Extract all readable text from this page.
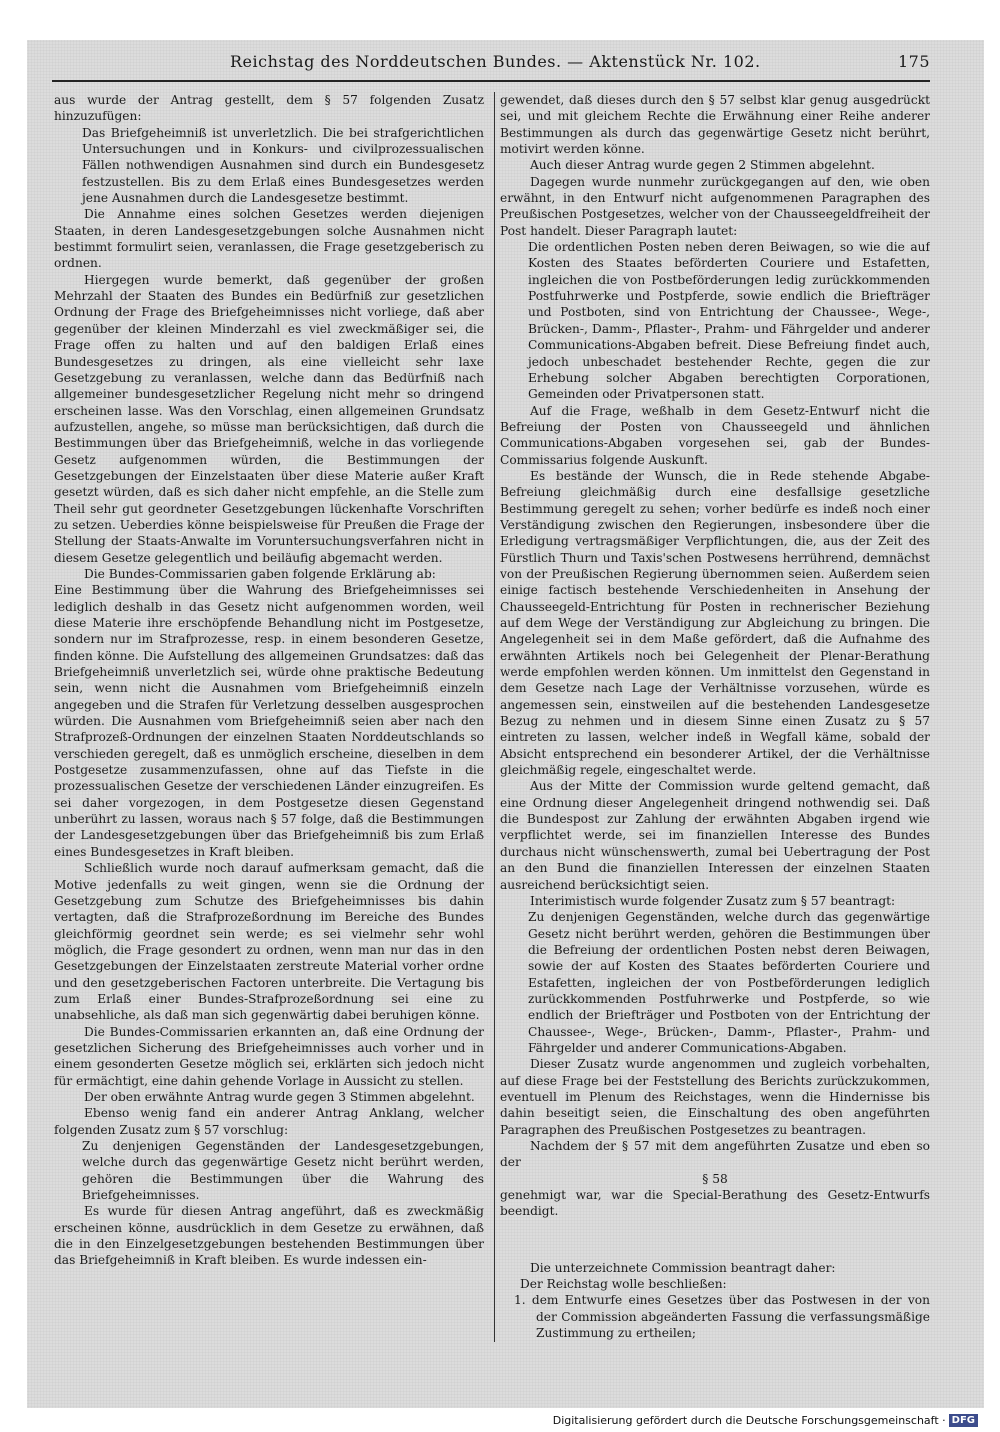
Reichstag des Norddeutschen Bundes. — Aktenstück Nr. 102.	175

aus wurde der Antrag gestellt, dem § 57 folgenden Zusatz hinzuzufügen:

Das Briefgeheimniß ist unverletzlich. Die bei strafgerichtlichen Untersuchungen und in Konkurs- und civilprozessualischen Fällen nothwendigen Ausnahmen sind durch ein Bundesgesetz festzustellen. Bis zu dem Erlaß eines Bundesgesetzes werden jene Ausnahmen durch die Landesgesetze bestimmt.

Die Annahme eines solchen Gesetzes werden diejenigen Staaten, in deren Landesgesetzgebungen solche Ausnahmen nicht bestimmt formulirt seien, veranlassen, die Frage gesetzgeberisch zu ordnen.

Hiergegen wurde bemerkt, daß gegenüber der großen Mehrzahl der Staaten des Bundes ein Bedürfniß zur gesetzlichen Ordnung der Frage des Briefgeheimnisses nicht vorliege, daß aber gegenüber der kleinen Minderzahl es viel zweckmäßiger sei, die Frage offen zu halten und auf den baldigen Erlaß eines Bundesgesetzes zu dringen, als eine vielleicht sehr laxe Gesetzgebung zu veranlassen, welche dann das Bedürfniß nach allgemeiner bundesgesetzlicher Regelung nicht mehr so dringend erscheinen lasse. Was den Vorschlag, einen allgemeinen Grundsatz aufzustellen, angehe, so müsse man berücksichtigen, daß durch die Bestimmungen über das Briefgeheimniß, welche in das vorliegende Gesetz aufgenommen würden, die Bestimmungen der Gesetzgebungen der Einzelstaaten über diese Materie außer Kraft gesetzt würden, daß es sich daher nicht empfehle, an die Stelle zum Theil sehr gut geordneter Gesetzgebungen lückenhafte Vorschriften zu setzen. Ueberdies könne beispielsweise für Preußen die Frage der Stellung der Staats-Anwalte im Voruntersuchungsverfahren nicht in diesem Gesetze gelegentlich und beiläufig abgemacht werden.

Die Bundes-Commissarien gaben folgende Erklärung ab:

Eine Bestimmung über die Wahrung des Briefgeheimnisses sei lediglich deshalb in das Gesetz nicht aufgenommen worden, weil diese Materie ihre erschöpfende Behandlung nicht im Postgesetze, sondern nur im Strafprozesse, resp. in einem besonderen Gesetze, finden könne. Die Aufstellung des allgemeinen Grundsatzes: daß das Briefgeheimniß unverletzlich sei, würde ohne praktische Bedeutung sein, wenn nicht die Ausnahmen vom Briefgeheimniß einzeln angegeben und die Strafen für Verletzung desselben ausgesprochen würden. Die Ausnahmen vom Briefgeheimniß seien aber nach den Strafprozeß-Ordnungen der einzelnen Staaten Norddeutschlands so verschieden geregelt, daß es unmöglich erscheine, dieselben in dem Postgesetze zusammenzufassen, ohne auf das Tiefste in die prozessualischen Gesetze der verschiedenen Länder einzugreifen. Es sei daher vorgezogen, in dem Postgesetze diesen Gegenstand unberührt zu lassen, woraus nach § 57 folge, daß die Bestimmungen der Landesgesetzgebungen über das Briefgeheimniß bis zum Erlaß eines Bundesgesetzes in Kraft bleiben.

Schließlich wurde noch darauf aufmerksam gemacht, daß die Motive jedenfalls zu weit gingen, wenn sie die Ordnung der Gesetzgebung zum Schutze des Briefgeheimnisses bis dahin vertagten, daß die Strafprozeßordnung im Bereiche des Bundes gleichförmig geordnet sein werde; es sei vielmehr sehr wohl möglich, die Frage gesondert zu ordnen, wenn man nur das in den Gesetzgebungen der Einzelstaaten zerstreute Material vorher ordne und den gesetzgeberischen Factoren unterbreite. Die Vertagung bis zum Erlaß einer Bundes-Strafprozeßordnung sei eine zu unabsehliche, als daß man sich gegenwärtig dabei beruhigen könne.

Die Bundes-Commissarien erkannten an, daß eine Ordnung der gesetzlichen Sicherung des Briefgeheimnisses auch vorher und in einem gesonderten Gesetze möglich sei, erklärten sich jedoch nicht für ermächtigt, eine dahin gehende Vorlage in Aussicht zu stellen.

Der oben erwähnte Antrag wurde gegen 3 Stimmen abgelehnt.

Ebenso wenig fand ein anderer Antrag Anklang, welcher folgenden Zusatz zum § 57 vorschlug:

Zu denjenigen Gegenständen der Landesgesetzgebungen, welche durch das gegenwärtige Gesetz nicht berührt werden, gehören die Bestimmungen über die Wahrung des Briefgeheimnisses.

Es wurde für diesen Antrag angeführt, daß es zweckmäßig erscheinen könne, ausdrücklich in dem Gesetze zu erwähnen, daß die in den Einzelgesetzgebungen bestehenden Bestimmungen über das Briefgeheimniß in Kraft bleiben. Es wurde indessen ein-

gewendet, daß dieses durch den § 57 selbst klar genug ausgedrückt sei, und mit gleichem Rechte die Erwähnung einer Reihe anderer Bestimmungen als durch das gegenwärtige Gesetz nicht berührt, motivirt werden könne.

Auch dieser Antrag wurde gegen 2 Stimmen abgelehnt.

Dagegen wurde nunmehr zurückgegangen auf den, wie oben erwähnt, in den Entwurf nicht aufgenommenen Paragraphen des Preußischen Postgesetzes, welcher von der Chausseegeldfreiheit der Post handelt. Dieser Paragraph lautet:

Die ordentlichen Posten neben deren Beiwagen, so wie die auf Kosten des Staates beförderten Couriere und Estafetten, ingleichen die von Postbeförderungen ledig zurückkommenden Postfuhrwerke und Postpferde, sowie endlich die Briefträger und Postboten, sind von Entrichtung der Chaussee-, Wege-, Brücken-, Damm-, Pflaster-, Prahm- und Fährgelder und anderer Communications-Abgaben befreit. Diese Befreiung findet auch, jedoch unbeschadet bestehender Rechte, gegen die zur Erhebung solcher Abgaben berechtigten Corporationen, Gemeinden oder Privatpersonen statt.

Auf die Frage, weßhalb in dem Gesetz-Entwurf nicht die Befreiung der Posten von Chausseegeld und ähnlichen Communications-Abgaben vorgesehen sei, gab der Bundes-Commissarius folgende Auskunft.

Es bestände der Wunsch, die in Rede stehende Abgabe-Befreiung gleichmäßig durch eine desfallsige gesetzliche Bestimmung geregelt zu sehen; vorher bedürfe es indeß noch einer Verständigung zwischen den Regierungen, insbesondere über die Erledigung vertragsmäßiger Verpflichtungen, die, aus der Zeit des Fürstlich Thurn und Taxis'schen Postwesens herrührend, demnächst von der Preußischen Regierung übernommen seien. Außerdem seien einige factisch bestehende Verschiedenheiten in Ansehung der Chausseegeld-Entrichtung für Posten in rechnerischer Beziehung auf dem Wege der Verständigung zur Abgleichung zu bringen. Die Angelegenheit sei in dem Maße gefördert, daß die Aufnahme des erwähnten Artikels noch bei Gelegenheit der Plenar-Berathung werde empfohlen werden können. Um inmittelst den Gegenstand in dem Gesetze nach Lage der Verhältnisse vorzusehen, würde es angemessen sein, einstweilen auf die bestehenden Landesgesetze Bezug zu nehmen und in diesem Sinne einen Zusatz zu § 57 eintreten zu lassen, welcher indeß in Wegfall käme, sobald der Absicht entsprechend ein besonderer Artikel, der die Verhältnisse gleichmäßig regele, eingeschaltet werde.

Aus der Mitte der Commission wurde geltend gemacht, daß eine Ordnung dieser Angelegenheit dringend nothwendig sei. Daß die Bundespost zur Zahlung der erwähnten Abgaben irgend wie verpflichtet werde, sei im finanziellen Interesse des Bundes durchaus nicht wünschenswerth, zumal bei Uebertragung der Post an den Bund die finanziellen Interessen der einzelnen Staaten ausreichend berücksichtigt seien.

Interimistisch wurde folgender Zusatz zum § 57 beantragt:

Zu denjenigen Gegenständen, welche durch das gegenwärtige Gesetz nicht berührt werden, gehören die Bestimmungen über die Befreiung der ordentlichen Posten nebst deren Beiwagen, sowie der auf Kosten des Staates beförderten Couriere und Estafetten, ingleichen der von Postbeförderungen lediglich zurückkommenden Postfuhrwerke und Postpferde, so wie endlich der Briefträger und Postboten von der Entrichtung der Chaussee-, Wege-, Brücken-, Damm-, Pflaster-, Prahm- und Fährgelder und anderer Communications-Abgaben.

Dieser Zusatz wurde angenommen und zugleich vorbehalten, auf diese Frage bei der Feststellung des Berichts zurückzukommen, eventuell im Plenum des Reichstages, wenn die Hindernisse bis dahin beseitigt seien, die Einschaltung des oben angeführten Paragraphen des Preußischen Postgesetzes zu beantragen.

Nachdem der § 57 mit dem angeführten Zusatze und eben so der

§ 58

genehmigt war, war die Special-Berathung des Gesetz-Entwurfs beendigt.

Die unterzeichnete Commission beantragt daher:

Der Reichstag wolle beschließen:

1. dem Entwurfe eines Gesetzes über das Postwesen in der von der Commission abgeänderten Fassung die verfassungsmäßige Zustimmung zu ertheilen;

Digitalisierung gefördert durch die Deutsche Forschungsgemeinschaft · DFG
